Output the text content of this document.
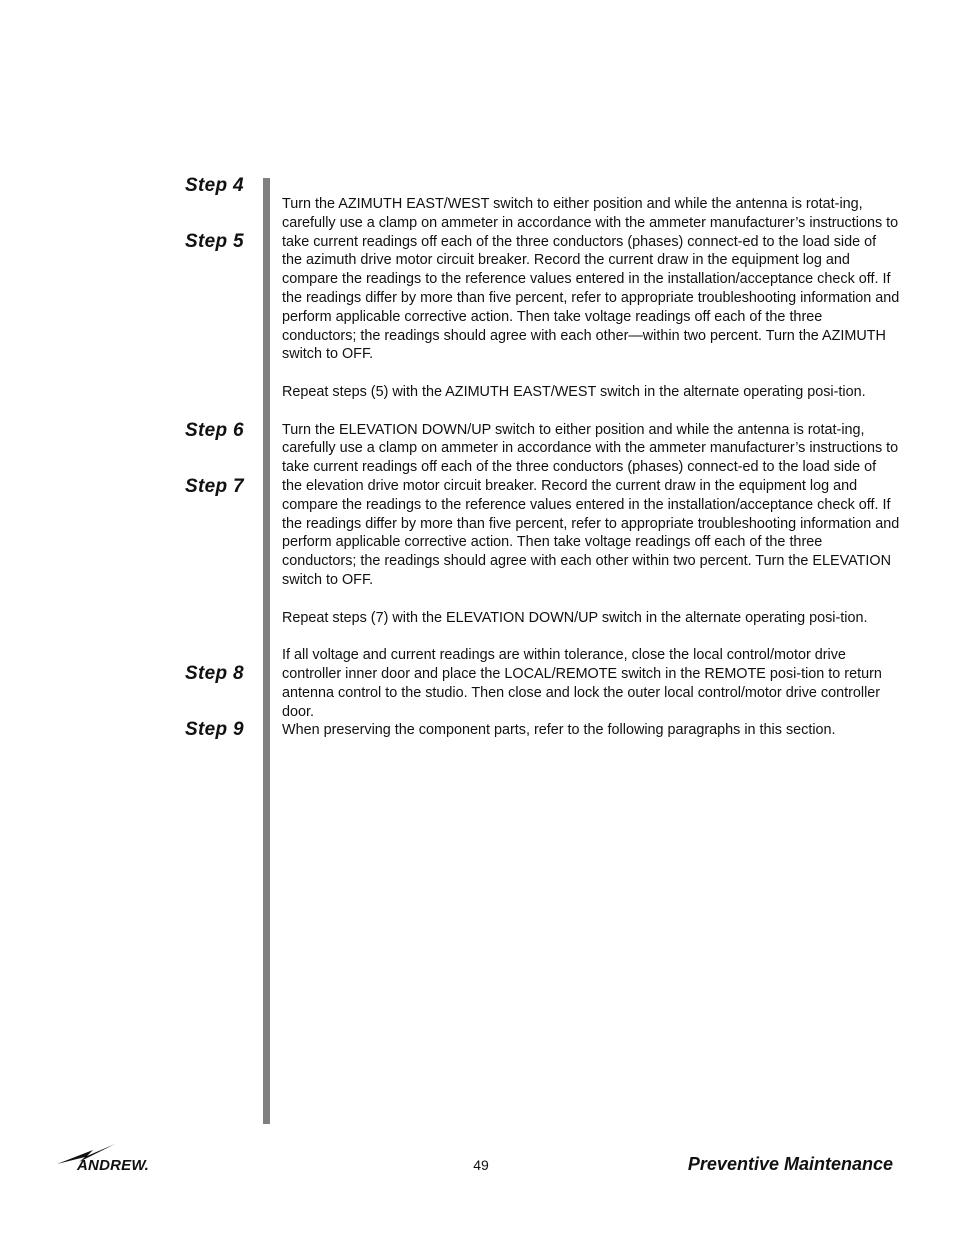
Step 4
Step 5
Step 6
Step 7
Step 8
Step 9

Turn the AZIMUTH EAST/WEST switch to either position and while the antenna is rotat-ing, carefully use a clamp on ammeter in accordance with the ammeter manufacturer’s instructions to take current readings off each of the three conductors (phases) connect-ed to the load side of the azimuth drive motor circuit breaker. Record the current draw in the equipment log and compare the readings to the reference values entered in the installation/acceptance check off. If the readings differ by more than five percent, refer to appropriate troubleshooting information and perform applicable corrective action. Then take voltage readings off each of the three conductors; the readings should agree with each other—within two percent. Turn the AZIMUTH switch to OFF.

Repeat steps (5) with the AZIMUTH EAST/WEST switch in the alternate operating posi-tion.

Turn the ELEVATION DOWN/UP switch to either position and while the antenna is rotat-ing, carefully use a clamp on ammeter in accordance with the ammeter manufacturer’s instructions to take current readings off each of the three conductors (phases) connect-ed to the load side of the elevation drive motor circuit breaker. Record the current draw in the equipment log and compare the readings to the reference values entered in the installation/acceptance check off. If the readings differ by more than five percent, refer to appropriate troubleshooting information and perform applicable corrective action. Then take voltage readings off each of the three conductors; the readings should agree with each other within two percent. Turn the ELEVATION switch to OFF.

Repeat steps (7) with the ELEVATION DOWN/UP switch in the alternate operating posi-tion.

If all voltage and current readings are within tolerance, close the local control/motor drive controller inner door and place the LOCAL/REMOTE switch in the REMOTE posi-tion to return antenna control to the studio. Then close and lock the outer local control/motor drive controller door.

When preserving the component parts, refer to the following paragraphs in this section.

ANDREW.	49	Preventive Maintenance
